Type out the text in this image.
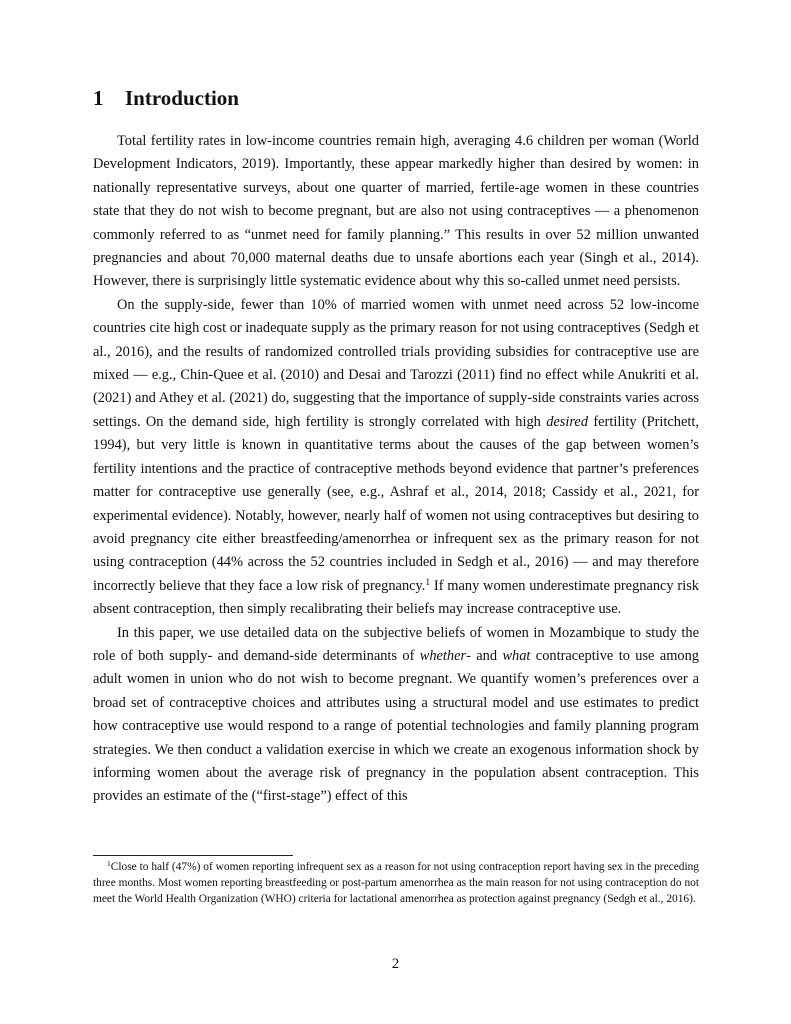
1 Introduction

Total fertility rates in low-income countries remain high, averaging 4.6 children per woman (World Development Indicators, 2019). Importantly, these appear markedly higher than desired by women: in nationally representative surveys, about one quarter of married, fertile-age women in these countries state that they do not wish to become pregnant, but are also not using contraceptives — a phenomenon commonly referred to as “unmet need for family planning.” This results in over 52 million unwanted pregnancies and about 70,000 maternal deaths due to unsafe abortions each year (Singh et al., 2014). However, there is surprisingly little systematic evidence about why this so-called unmet need persists.

On the supply-side, fewer than 10% of married women with unmet need across 52 low-income countries cite high cost or inadequate supply as the primary reason for not using contraceptives (Sedgh et al., 2016), and the results of randomized controlled trials providing subsidies for contraceptive use are mixed — e.g., Chin-Quee et al. (2010) and Desai and Tarozzi (2011) find no effect while Anukriti et al. (2021) and Athey et al. (2021) do, suggesting that the importance of supply-side constraints varies across settings. On the demand side, high fertility is strongly correlated with high desired fertility (Pritchett, 1994), but very little is known in quantitative terms about the causes of the gap between women’s fertility intentions and the practice of contraceptive methods beyond evidence that partner’s preferences matter for contraceptive use generally (see, e.g., Ashraf et al., 2014, 2018; Cassidy et al., 2021, for experimental evidence). Notably, however, nearly half of women not using contraceptives but desiring to avoid pregnancy cite either breastfeeding/amenorrhea or infrequent sex as the primary reason for not using contraception (44% across the 52 countries included in Sedgh et al., 2016) — and may therefore incorrectly believe that they face a low risk of pregnancy.$^1$ If many women underestimate pregnancy risk absent contraception, then simply recalibrating their beliefs may increase contraceptive use.

In this paper, we use detailed data on the subjective beliefs of women in Mozambique to study the role of both supply- and demand-side determinants of whether- and what contraceptive to use among adult women in union who do not wish to become pregnant. We quantify women’s preferences over a broad set of contraceptive choices and attributes using a structural model and use estimates to predict how contraceptive use would respond to a range of potential technologies and family planning program strategies. We then conduct a validation exercise in which we create an exogenous information shock by informing women about the average risk of pregnancy in the population absent contraception. This provides an estimate of the (“first-stage”) effect of this

$^1$Close to half (47%) of women reporting infrequent sex as a reason for not using contraception report having sex in the preceding three months. Most women reporting breastfeeding or post-partum amenorrhea as the main reason for not using contraception do not meet the World Health Organization (WHO) criteria for lactational amenorrhea as protection against pregnancy (Sedgh et al., 2016).

2
